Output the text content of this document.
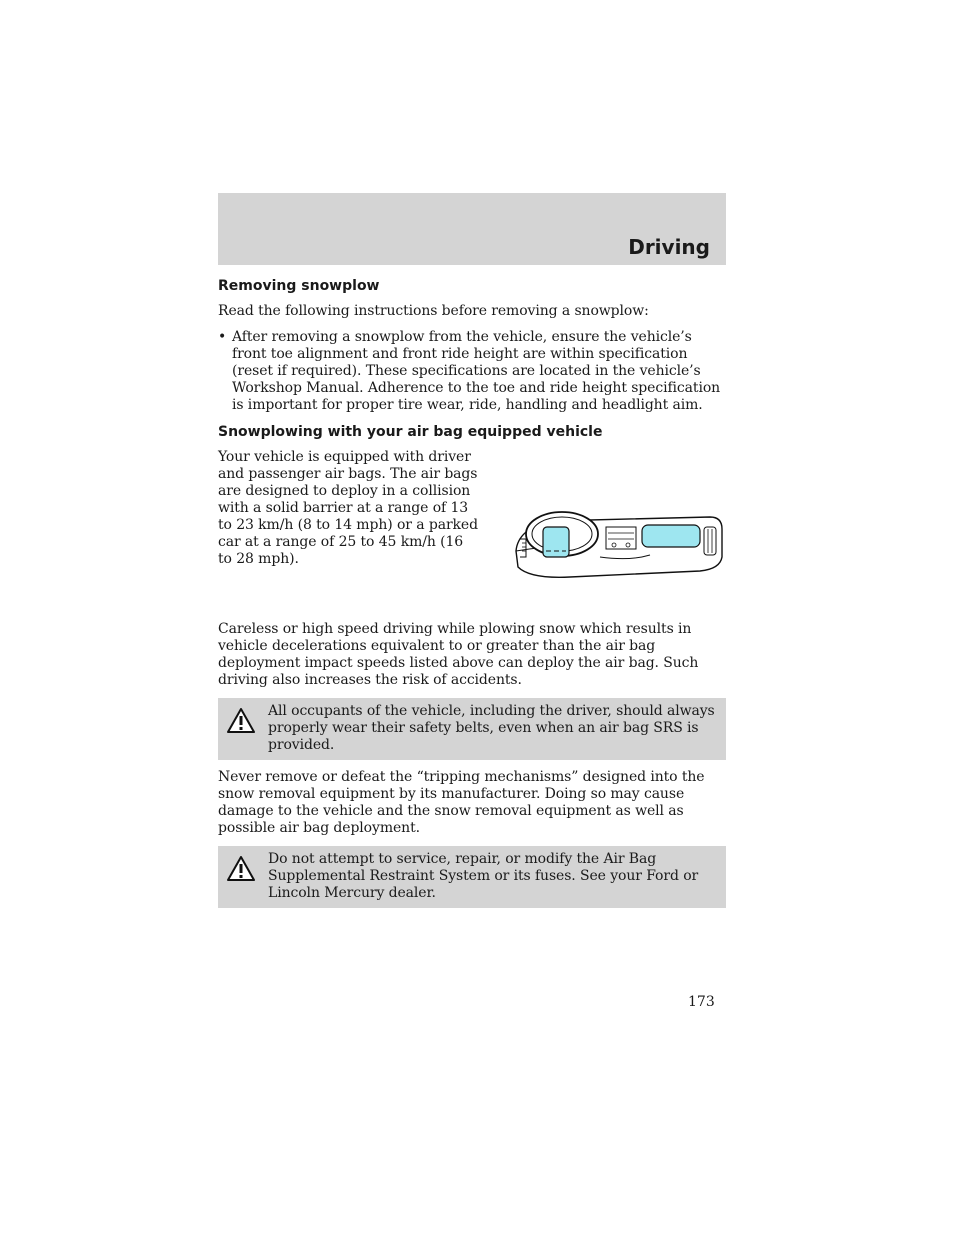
Driving
Removing snowplow

Read the following instructions before removing a snowplow:

• After removing a snowplow from the vehicle, ensure the vehicle’s front toe alignment and front ride height are within specification (reset if required). These specifications are located in the vehicle’s Workshop Manual. Adherence to the toe and ride height specification is important for proper tire wear, ride, handling and headlight aim.
Snowplowing with your air bag equipped vehicle

Your vehicle is equipped with driver and passenger air bags. The air bags are designed to deploy in a collision with a solid barrier at a range of 13 to 23 km/h (8 to 14 mph) or a parked car at a range of 25 to 45 km/h (16 to 28 mph).

Careless or high speed driving while plowing snow which results in vehicle decelerations equivalent to or greater than the air bag deployment impact speeds listed above can deploy the air bag. Such driving also increases the risk of accidents.

All occupants of the vehicle, including the driver, should always properly wear their safety belts, even when an air bag SRS is provided.

Never remove or defeat the “tripping mechanisms” designed into the snow removal equipment by its manufacturer. Doing so may cause damage to the vehicle and the snow removal equipment as well as possible air bag deployment.

Do not attempt to service, repair, or modify the Air Bag Supplemental Restraint System or its fuses. See your Ford or Lincoln Mercury dealer.
173
